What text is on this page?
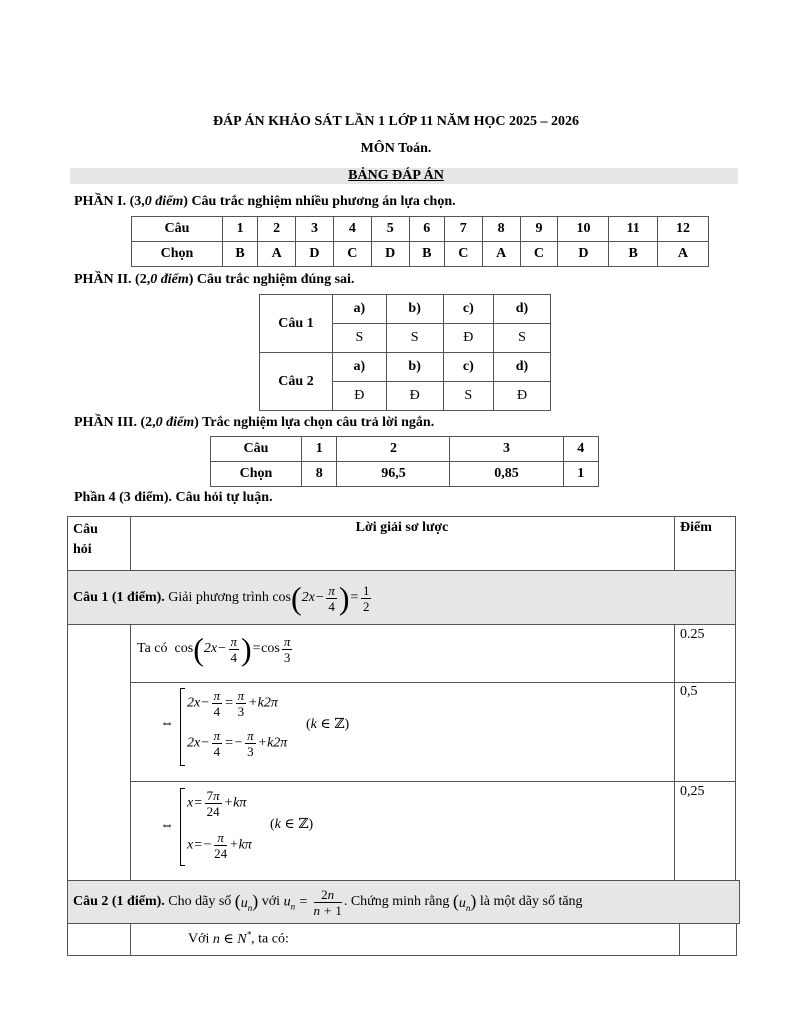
ĐÁP ÁN KHẢO SÁT LẦN 1 LỚP 11 NĂM HỌC 2025 – 2026
MÔN Toán.
BẢNG ĐÁP ÁN
PHẦN I. (3,0 điểm) Câu trắc nghiệm nhiều phương án lựa chọn.
Câu	1	2	3	4	5	6	7	8	9	10	11	12
Chọn	B	A	D	C	D	B	C	A	C	D	B	A
PHẦN II. (2,0 điểm) Câu trắc nghiệm đúng sai.
Câu 1	a)	b)	c)	d)
	S	S	Đ	S
Câu 2	a)	b)	c)	d)
	Đ	Đ	S	Đ
PHẦN III. (2,0 điểm) Trắc nghiệm lựa chọn câu trả lời ngắn.
Câu	1	2	3	4
Chọn	8	96,5	0,85	1
Phần 4 (3 điểm). Câu hỏi tự luận.
Câu
hỏi
Lời giải sơ lược	Điểm
Câu 1 (1 điểm).
Giải phương trình
$\cos(2x- \frac{\pi}{4}$ )= $\frac{1}{2}$
Ta có
$\cos(2x- \frac{\pi}{4} )=\cos \frac{\pi}{3}$	0.25
⇔
$2x- \frac{\pi}{4} = \frac{\pi}{3} +k2\pi$
$2x- \frac{\pi}{4} =- \frac{\pi}{3} +k2\pi$
(k ∈ ℤ)
0,5
⇔
$x= \frac{7\pi}{24} +k\pi$
$x=- \frac{\pi}{24} +k\pi$
(k ∈ ℤ)
0,25
Câu 2 (1 điểm).
Cho dãy số
$(u_n)$
với
$u_n = \frac{2n}{n + 1}$ . Chứng minh rằng
$(u_n)$
là một dãy số tăng
Với n ∈ N*, ta có:
